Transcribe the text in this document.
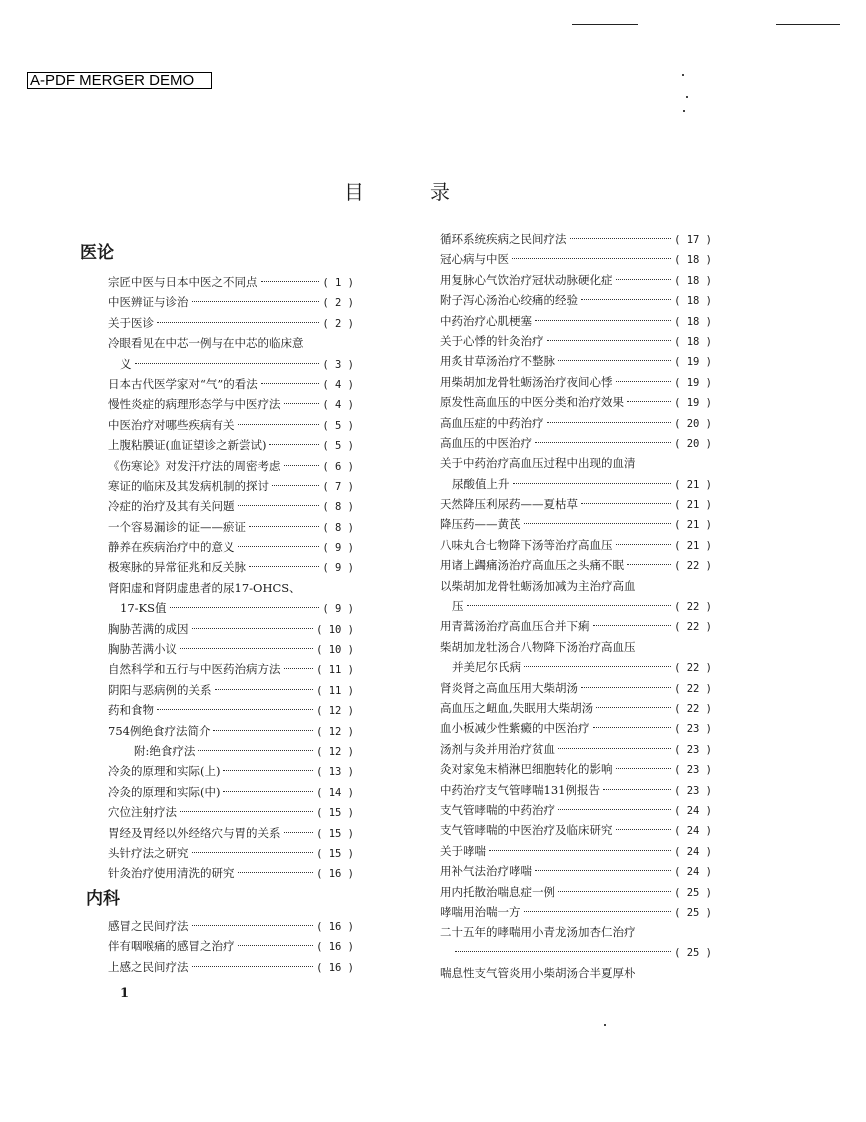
A-PDF MERGER DEMO
目	录
医论
内科
宗匠中医与日本中医之不同点	( 1 )
中医辨证与诊治	( 2 )
关于医诊	( 2 )
冷眼看见在中芯一例与在中芯的临床意
义	( 3 )
日本古代医学家对“气”的看法	( 4 )
慢性炎症的病理形态学与中医疗法	( 4 )
中医治疗对哪些疾病有关	( 5 )
上腹粘膜证(血证望诊之新尝试)	( 5 )
《伤寒论》对发汗疗法的周密考虑	( 6 )
寒证的临床及其发病机制的探讨	( 7 )
冷症的治疗及其有关问题	( 8 )
一个容易漏诊的证——瘀证	( 8 )
静养在疾病治疗中的意义	( 9 )
极寒脉的异常征兆和反关脉	( 9 )
肾阳虚和肾阴虚患者的尿17-OHCS、
17-KS值	( 9 )
胸胁苦满的成因	( 10 )
胸胁苦满小议	( 10 )
自然科学和五行与中医药治病方法	( 11 )
阴阳与恶病例的关系	( 11 )
药和食物	( 12 )
754例绝食疗法简介	( 12 )
附:绝食疗法	( 12 )
冷灸的原理和实际(上)	( 13 )
冷灸的原理和实际(中)	( 14 )
穴位注射疗法	( 15 )
胃经及胃经以外经络穴与胃的关系	( 15 )
头针疗法之研究	( 15 )
针灸治疗使用清洗的研究	( 16 )
感冒之民间疗法	( 16 )
伴有咽喉痛的感冒之治疗	( 16 )
上感之民间疗法	( 16 )
循环系统疾病之民间疗法	( 17 )
冠心病与中医	( 18 )
用复脉心气饮治疗冠状动脉硬化症	( 18 )
附子泻心汤治心绞痛的经验	( 18 )
中药治疗心肌梗塞	( 18 )
关于心悸的针灸治疗	( 18 )
用炙甘草汤治疗不整脉	( 19 )
用柴胡加龙骨牡蛎汤治疗夜间心悸	( 19 )
原发性高血压的中医分类和治疗效果	( 19 )
高血压症的中药治疗	( 20 )
高血压的中医治疗	( 20 )
关于中药治疗高血压过程中出现的血清
尿酸值上升	( 21 )
天然降压利尿药——夏枯草	( 21 )
降压药——黄芪	( 21 )
八味丸合七物降下汤等治疗高血压	( 21 )
用诸上蠲痛汤治疗高血压之头痛不眠	( 22 )
以柴胡加龙骨牡蛎汤加减为主治疗高血
压	( 22 )
用青蒿汤治疗高血压合并下痢	( 22 )
柴胡加龙牡汤合八物降下汤治疗高血压
并美尼尔氏病	( 22 )
肾炎肾之高血压用大柴胡汤	( 22 )
高血压之衄血,失眠用大柴胡汤	( 22 )
血小板减少性紫癜的中医治疗	( 23 )
汤剂与灸并用治疗贫血	( 23 )
灸对家兔末梢淋巴细胞转化的影响	( 23 )
中药治疗支气管哮喘131例报告	( 23 )
支气管哮喘的中药治疗	( 24 )
支气管哮喘的中医治疗及临床研究	( 24 )
关于哮喘	( 24 )
用补气法治疗哮喘	( 24 )
用内托散治喘息症一例	( 25 )
哮喘用治喘一方	( 25 )
二十五年的哮喘用小青龙汤加杏仁治疗
( 25 )
喘息性支气管炎用小柴胡汤合半夏厚朴
1
